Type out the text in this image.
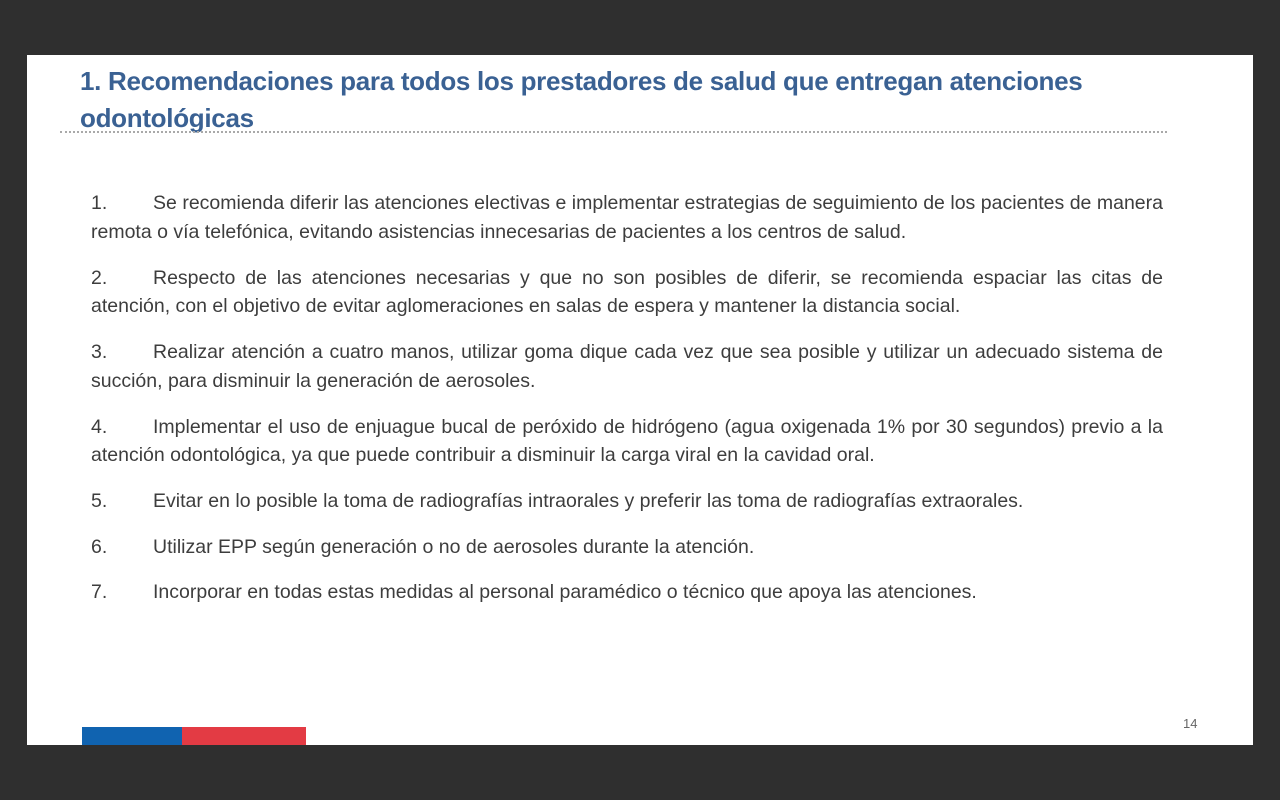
1. Recomendaciones para todos los prestadores de salud que entregan atenciones odontológicas

1. Se recomienda diferir las atenciones electivas e implementar estrategias de seguimiento de los pacientes de manera remota o vía telefónica, evitando asistencias innecesarias de pacientes a los centros de salud.

2. Respecto de las atenciones necesarias y que no son posibles de diferir, se recomienda espaciar las citas de atención, con el objetivo de evitar aglomeraciones en salas de espera y mantener la distancia social.

3. Realizar atención a cuatro manos, utilizar goma dique cada vez que sea posible y utilizar un adecuado sistema de succión, para disminuir la generación de aerosoles.

4. Implementar el uso de enjuague bucal de peróxido de hidrógeno (agua oxigenada 1% por 30 segundos) previo a la atención odontológica, ya que puede contribuir a disminuir la carga viral en la cavidad oral.

5. Evitar en lo posible la toma de radiografías intraorales y preferir las toma de radiografías extraorales.

6. Utilizar EPP según generación o no de aerosoles durante la atención.

7. Incorporar en todas estas medidas al personal paramédico o técnico que apoya las atenciones.

14
